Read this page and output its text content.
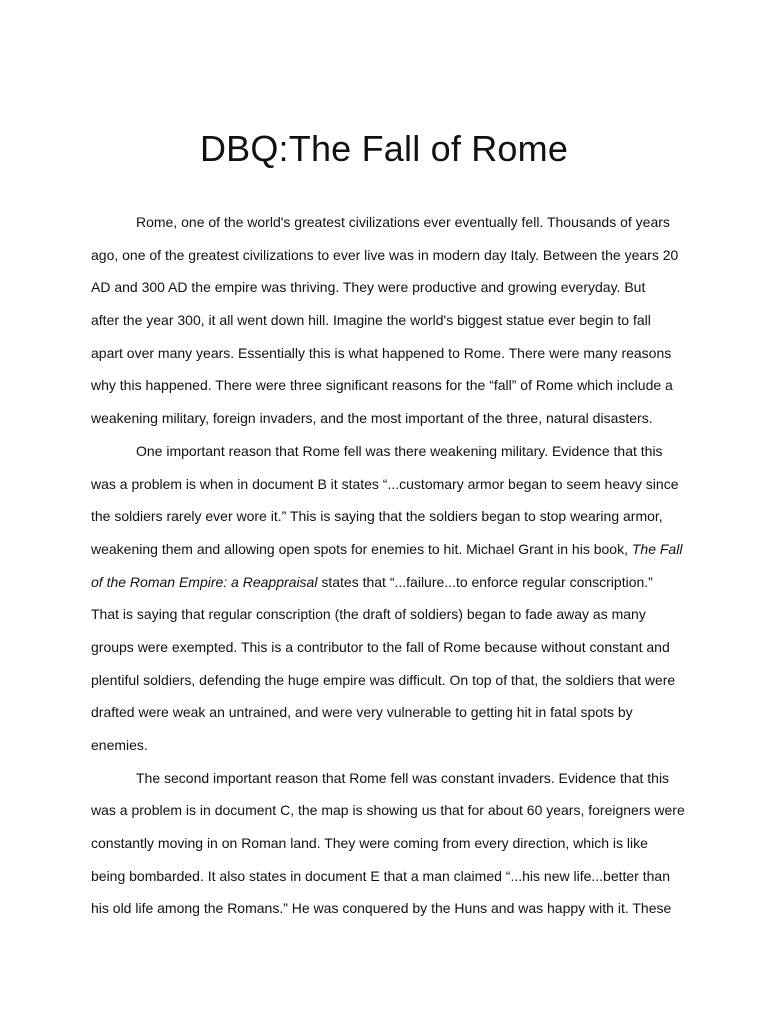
DBQ:The Fall of Rome
Rome, one of the world's greatest civilizations ever eventually fell. Thousands of years
ago, one of the greatest civilizations to ever live was in modern day Italy. Between the years 20
AD and 300 AD the empire was thriving. They were productive and growing everyday. But
after the year 300, it all went down hill. Imagine the world's biggest statue ever begin to fall
apart over many years. Essentially this is what happened to Rome. There were many reasons
why this happened. There were three significant reasons for the “fall” of Rome which include a
weakening military, foreign invaders, and the most important of the three, natural disasters.
One important reason that Rome fell was there weakening military. Evidence that this
was a problem is when in document B it states “...customary armor began to seem heavy since
the soldiers rarely ever wore it.” This is saying that the soldiers began to stop wearing armor,
weakening them and allowing open spots for enemies to hit. Michael Grant in his book, The Fall
of the Roman Empire: a Reappraisal states that “...failure...to enforce regular conscription.”
That is saying that regular conscription (the draft of soldiers) began to fade away as many
groups were exempted. This is a contributor to the fall of Rome because without constant and
plentiful soldiers, defending the huge empire was difficult. On top of that, the soldiers that were
drafted were weak an untrained, and were very vulnerable to getting hit in fatal spots by
enemies.
The second important reason that Rome fell was constant invaders. Evidence that this
was a problem is in document C, the map is showing us that for about 60 years, foreigners were
constantly moving in on Roman land. They were coming from every direction, which is like
being bombarded. It also states in document E that a man claimed “...his new life...better than
his old life among the Romans.” He was conquered by the Huns and was happy with it. These
